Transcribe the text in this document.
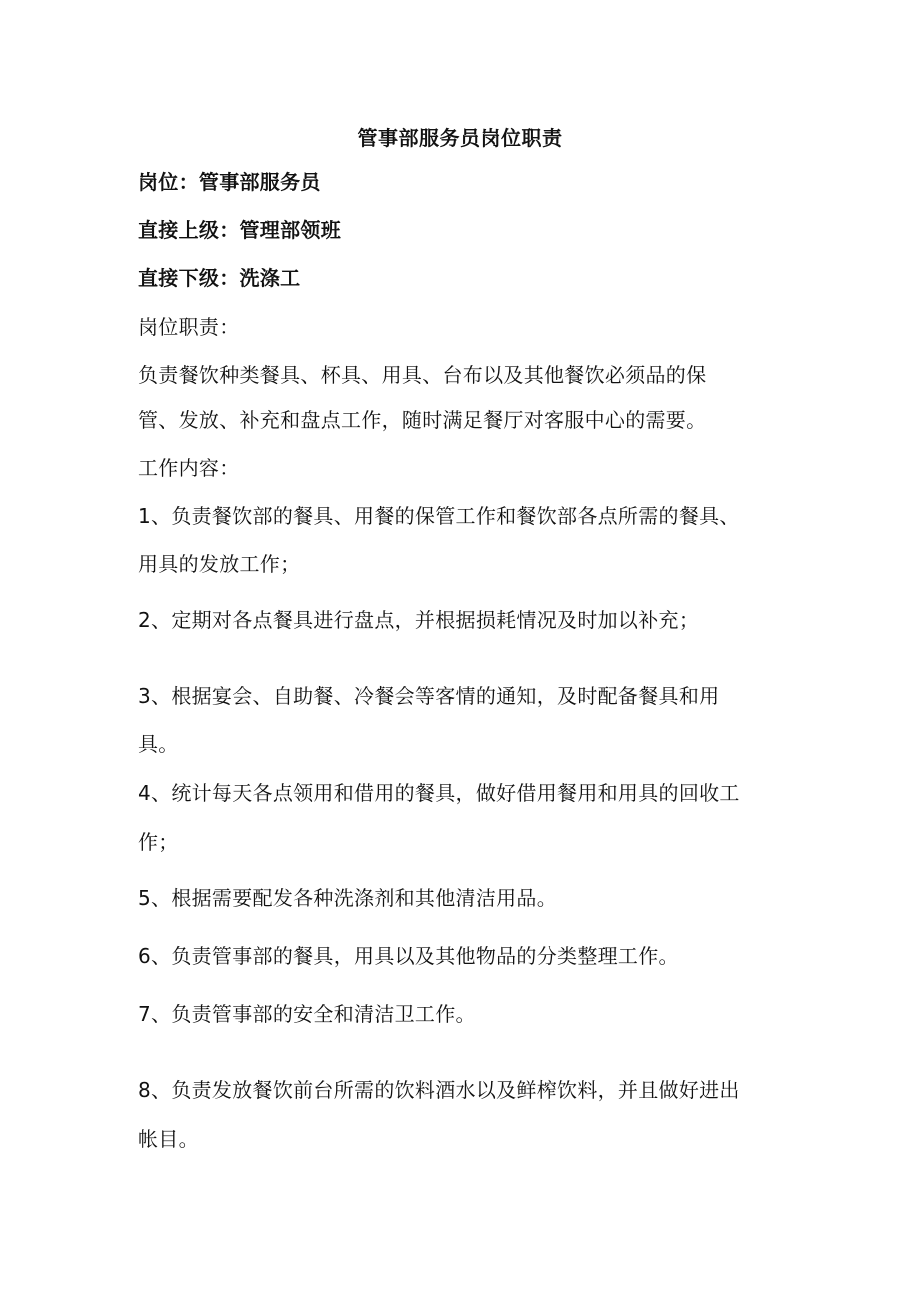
管事部服务员岗位职责
岗位：管事部服务员
直接上级：管理部领班
直接下级：洗涤工
岗位职责：
负责餐饮种类餐具、杯具、用具、台布以及其他餐饮必须品的保
管、发放、补充和盘点工作，随时满足餐厅对客服中心的需要。
工作内容：
1、负责餐饮部的餐具、用餐的保管工作和餐饮部各点所需的餐具、
用具的发放工作；
2、定期对各点餐具进行盘点，并根据损耗情况及时加以补充；
3、根据宴会、自助餐、冷餐会等客情的通知，及时配备餐具和用
具。
4、统计每天各点领用和借用的餐具，做好借用餐用和用具的回收工
作；
5、根据需要配发各种洗涤剂和其他清洁用品。
6、负责管事部的餐具，用具以及其他物品的分类整理工作。
7、负责管事部的安全和清洁卫工作。
8、负责发放餐饮前台所需的饮料酒水以及鲜榨饮料，并且做好进出
帐目。
